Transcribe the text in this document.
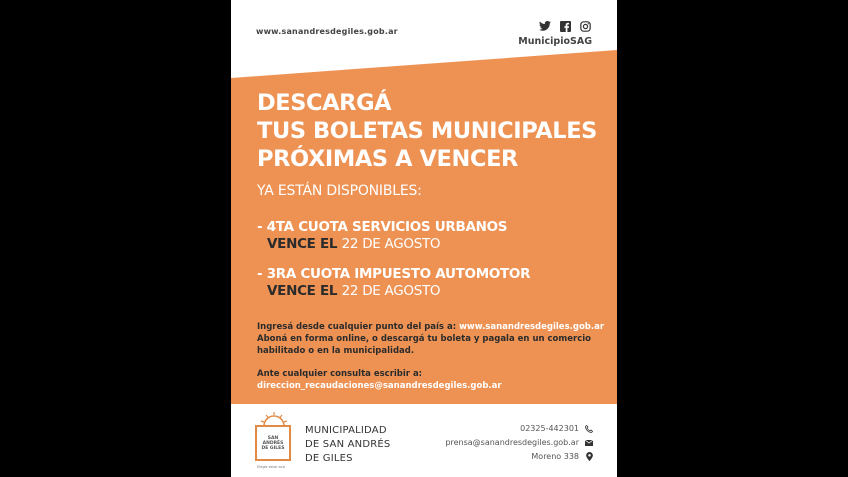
www.sanandresdegiles.gob.ar
MunicipioSAG
DESCARGÁ
TUS BOLETAS MUNICIPALES
PRÓXIMAS A VENCER
YA ESTÁN DISPONIBLES:
- 4TA CUOTA SERVICIOS URBANOS
VENCE EL 22 DE AGOSTO
- 3RA CUOTA IMPUESTO AUTOMOTOR
VENCE EL 22 DE AGOSTO
Ingresá desde cualquier punto del país a: www.sanandresdegiles.gob.ar
Aboná en forma online, o descargá tu boleta y pagala en un comercio
habilitado o en la municipalidad.
Ante cualquier consulta escribir a:
direccion_recaudaciones@sanandresdegiles.gob.ar
SAN
ANDRÉS
DE GILES
Elegís estar acá
MUNICIPALIDAD
DE SAN ANDRÉS
DE GILES
02325-442301
prensa@sanandresdegiles.gob.ar
Moreno 338
